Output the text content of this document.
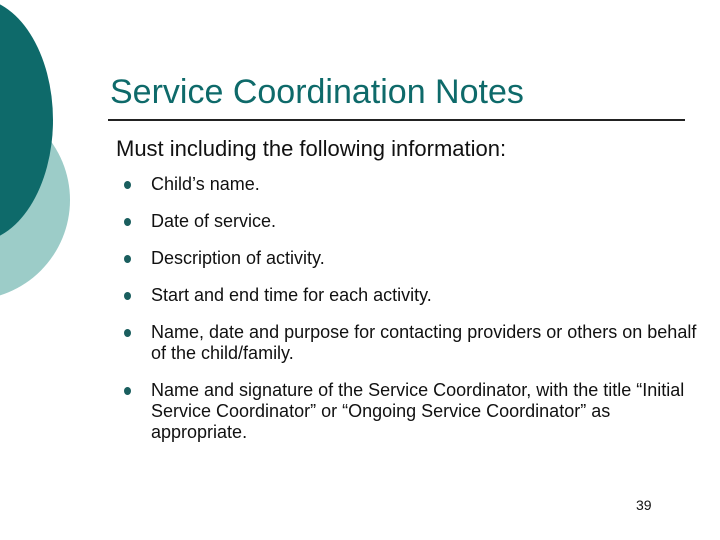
Service Coordination Notes

Must including the following information:

Child’s name.
Date of service.
Description of activity.
Start and end time for each activity.
Name, date and purpose for contacting providers or others on behalf of the child/family.
Name and signature of the Service Coordinator, with the title “Initial Service Coordinator” or “Ongoing Service Coordinator” as appropriate.
39
